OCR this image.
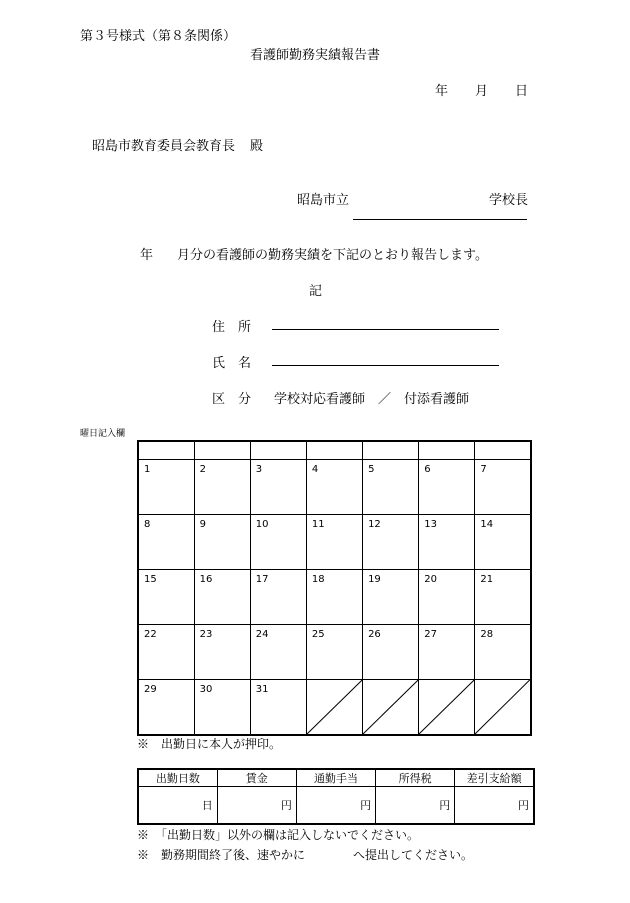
第３号様式（第８条関係）
看護師勤務実績報告書
年 月 日
昭島市教育委員会教育長 殿
昭島市立	学校長
年 月分の看護師の勤務実績を下記のとおり報告します。
記
住　所
氏　名
区　分 学校対応看護師　／　付添看護師
曜日記入欄

1	2	3	4	5	6	7

8	9	10	11	12	13	14

15	16	17	18	19	20	21

22	23	24	25	26	27	28

29	30	31

※　出勤日に本人が押印。
出勤日数	賃金	通勤手当	所得税	差引支給額
日	円	円	円	円
※　「出勤日数」以外の欄は記入しないでください。
※　勤務期間終了後、速やかに	へ提出してください。
